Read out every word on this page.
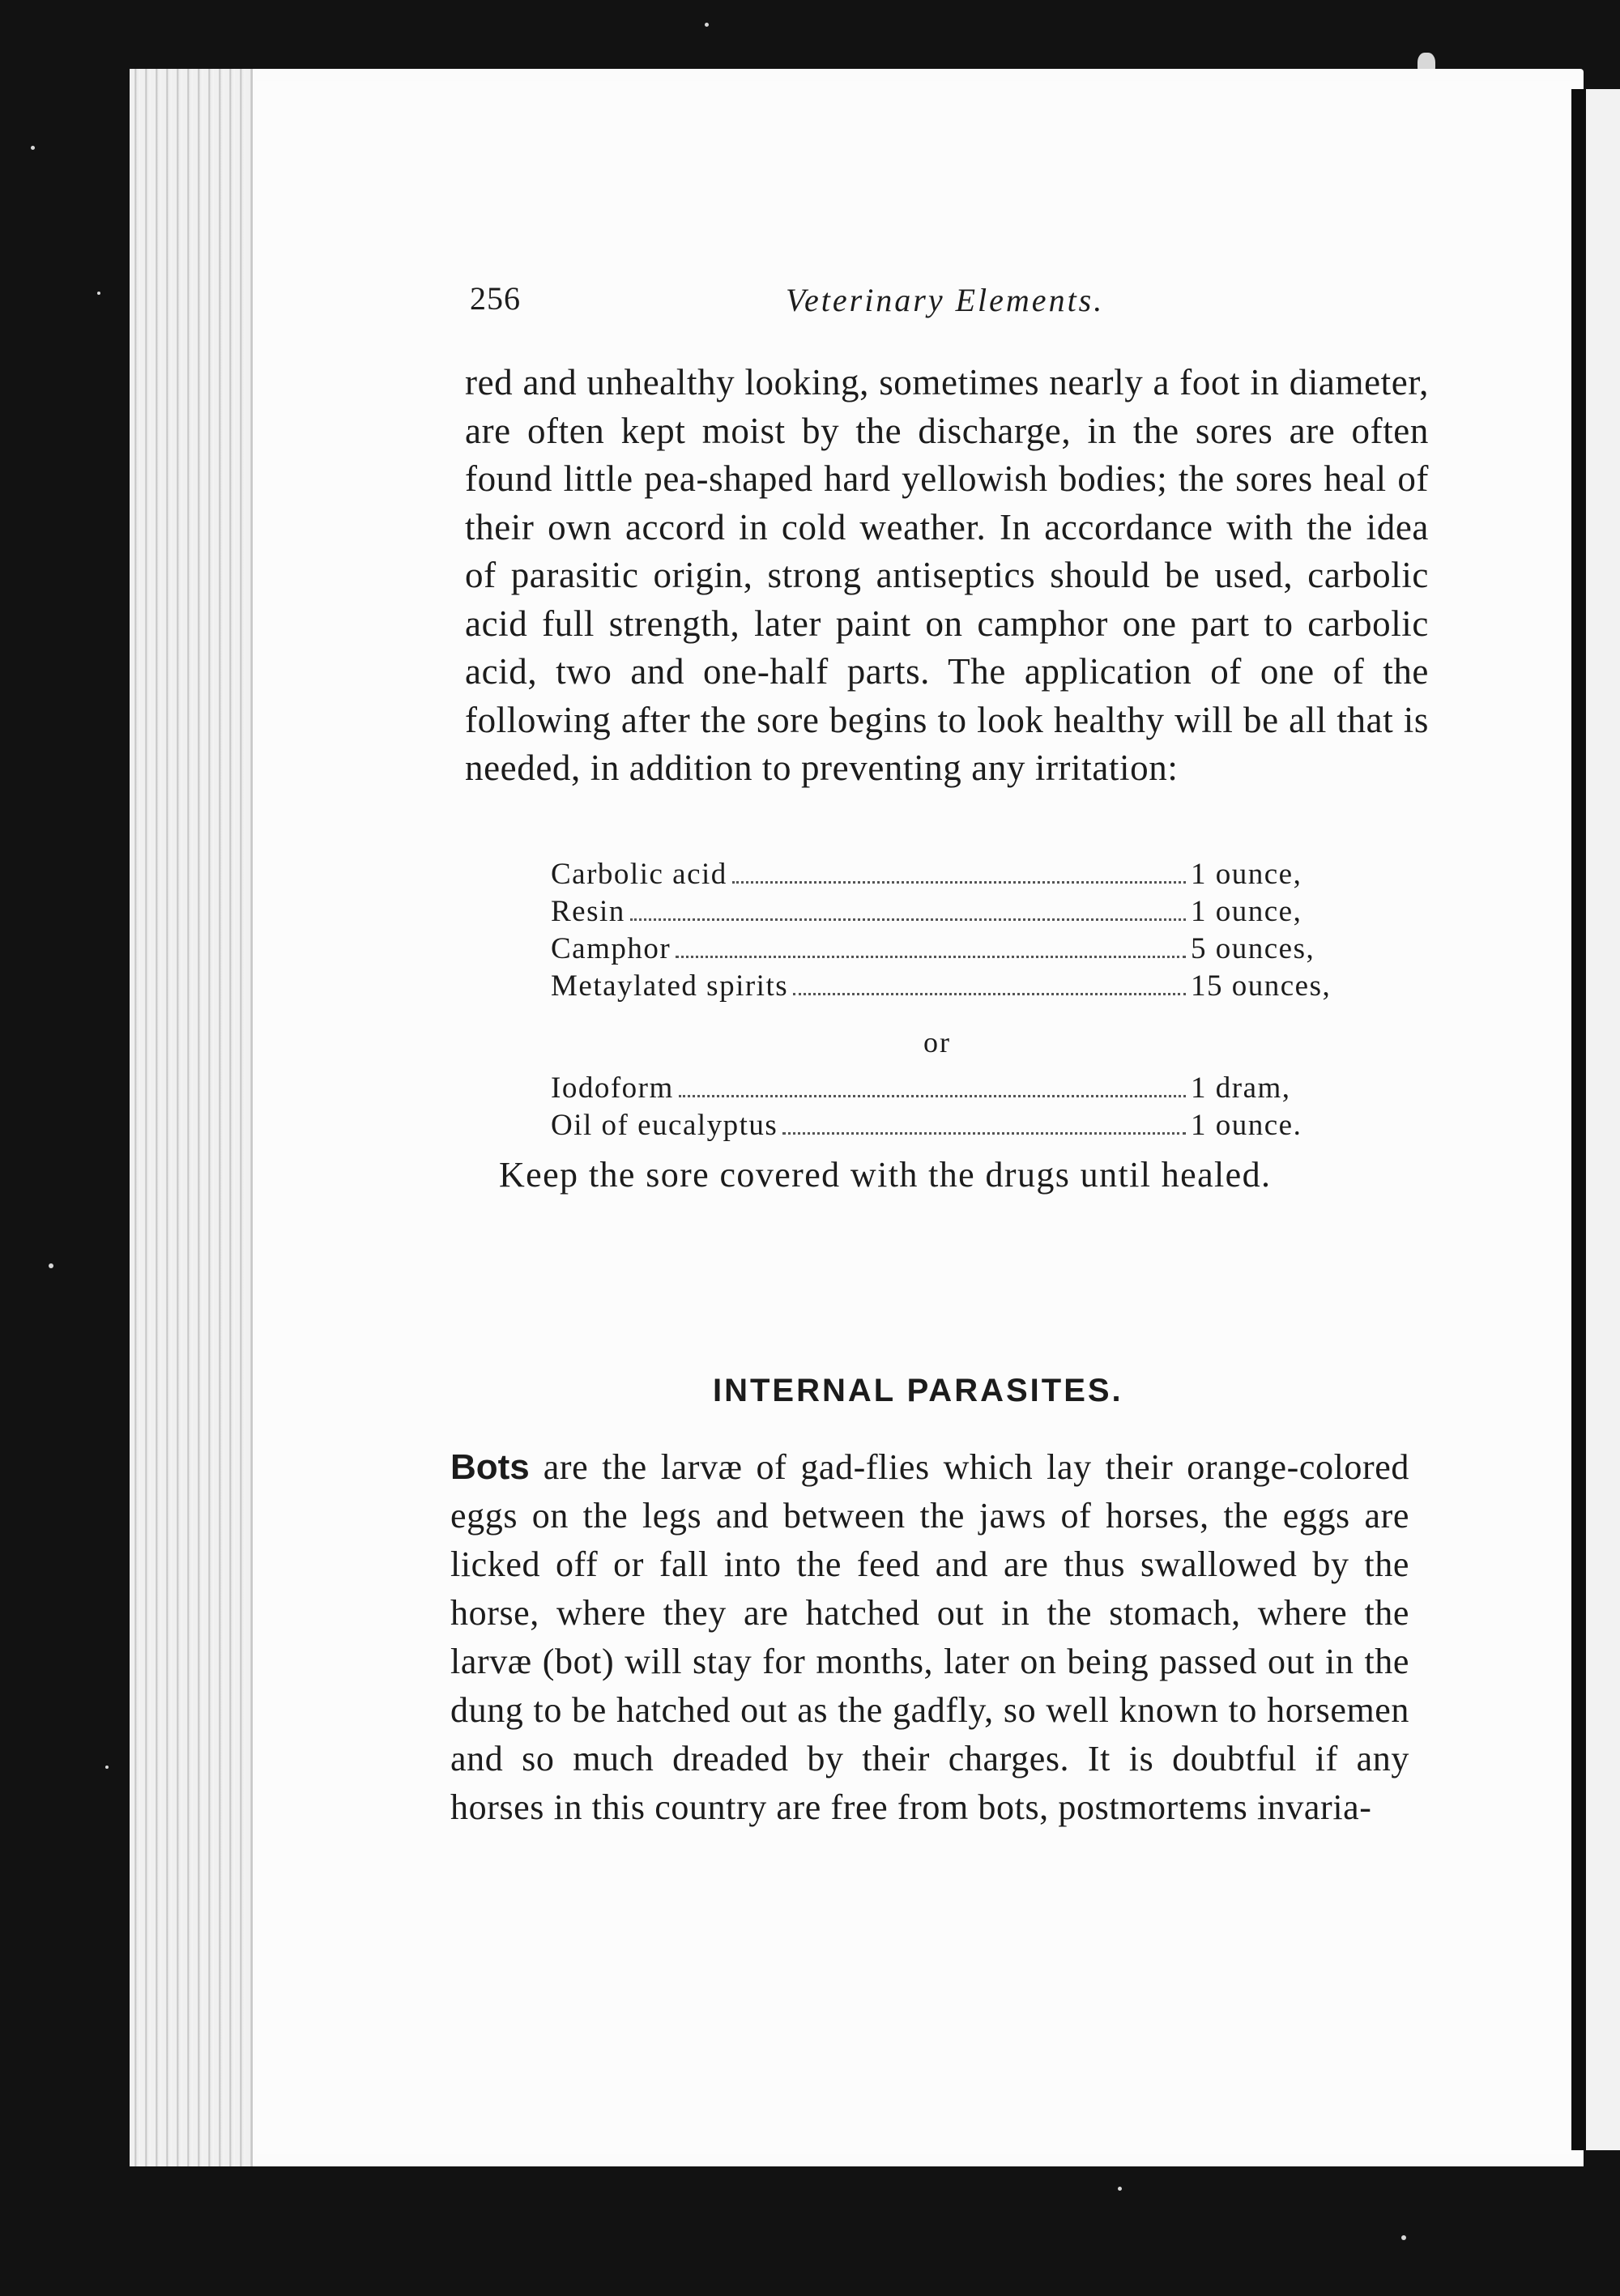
256	Veterinary Elements.
red and unhealthy looking, sometimes nearly a foot in diameter, are often kept moist by the discharge, in the sores are often found little pea-shaped hard yellowish bodies; the sores heal of their own accord in cold weather. In accordance with the idea of parasitic origin, strong antiseptics should be used, carbolic acid full strength, later paint on camphor one part to carbolic acid, two and one-half parts. The application of one of the following after the sore begins to look healthy will be all that is needed, in addition to preventing any irritation:
Carbolic acid	1 ounce,
Resin	1 ounce,
Camphor	5 ounces,
Metaylated spirits	15 ounces,
or
Iodoform	1 dram,
Oil of eucalyptus	1 ounce.
Keep the sore covered with the drugs until healed.
INTERNAL PARASITES.
Bots are the larvæ of gad-flies which lay their orange-colored eggs on the legs and between the jaws of horses, the eggs are licked off or fall into the feed and are thus swallowed by the horse, where they are hatched out in the stomach, where the larvæ (bot) will stay for months, later on being passed out in the dung to be hatched out as the gadfly, so well known to horsemen and so much dreaded by their charges. It is doubtful if any horses in this country are free from bots, postmortems invaria-
